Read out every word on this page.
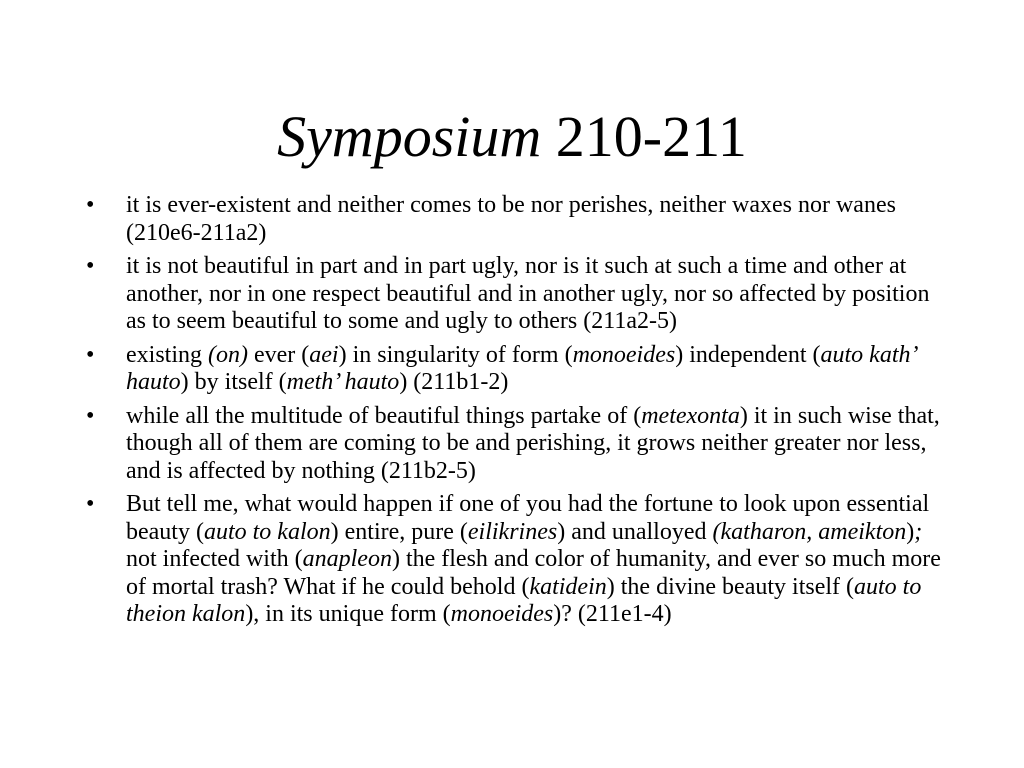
Symposium 210-211
•	it is ever-existent and neither comes to be nor perishes, neither waxes nor wanes (210e6-211a2)
•	it is not beautiful in part and in part ugly, nor is it such at such a time and other at another, nor in one respect beautiful and in another ugly, nor so affected by position as to seem beautiful to some and ugly to others (211a2-5)
•	existing (on) ever (aei) in singularity of form (monoeides) independent (auto kath’ hauto) by itself (meth’ hauto) (211b1-2)
•	while all the multitude of beautiful things partake of (metexonta) it in such wise that, though all of them are coming to be and perishing, it grows neither greater nor less, and is affected by nothing (211b2-5)
•	But tell me, what would happen if one of you had the fortune to look upon essential beauty (auto to kalon) entire, pure (eilikrines) and unalloyed (katharon, ameikton); not infected with (anapleon) the flesh and color of humanity, and ever so much more of mortal trash? What if he could behold (katidein) the divine beauty itself (auto to theion kalon), in its unique form (monoeides)? (211e1-4)
